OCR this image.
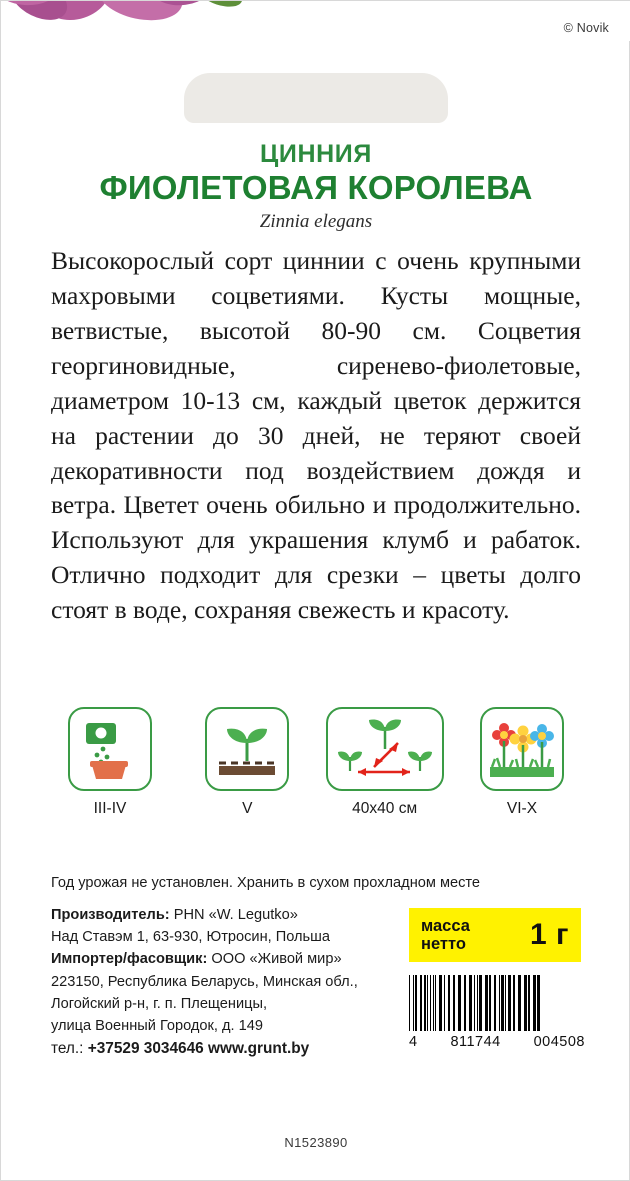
© Novik
ЦИННИЯ
ФИОЛЕТОВАЯ КОРОЛЕВА
Zinnia elegans
Высокорослый сорт циннии с очень крупными махровыми соцветиями. Кусты мощные, ветвистые, высотой 80-90 см. Соцветия георгиновидные, сиренево-фиолетовые, диаметром 10-13 см, каждый цветок держится на растении до 30 дней, не теряют своей декоративности под воздействием дождя и ветра. Цветет очень обильно и продолжительно. Используют для украшения клумб и рабаток. Отлично подходит для срезки – цветы долго стоят в воде, сохраняя свежесть и красоту.
III-IV	V	40x40 см	VI-X
Год урожая не установлен. Хранить в сухом прохладном месте
Производитель: PHN «W. Legutko»
Над Ставэм 1, 63-930, Ютросин, Польша
Импортер/фасовщик: ООО «Живой мир»
223150, Республика Беларусь, Минская обл.,
Логойский р-н, г. п. Плещеницы,
улица Военный Городок, д. 149
тел.: +37529 3034646 www.grunt.by
масса
нетто 1 г
4 811744 004508
N1523890
